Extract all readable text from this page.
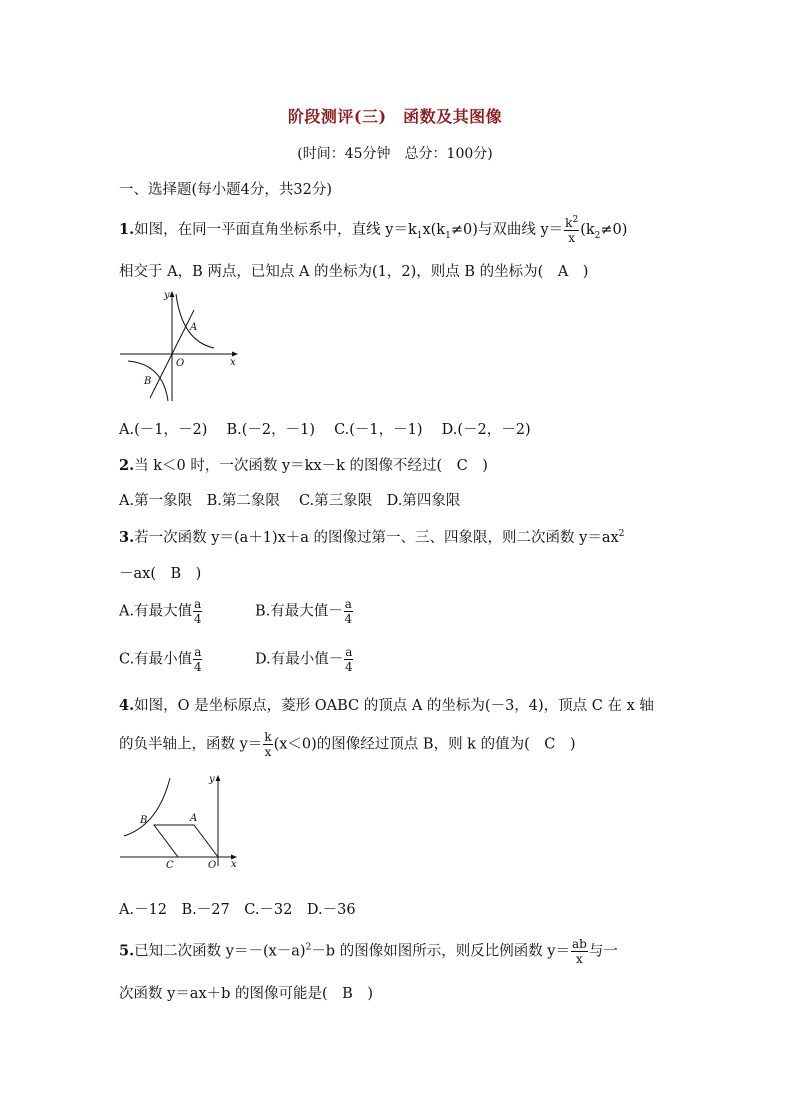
阶段测评(三)　函数及其图像
(时间：45分钟　总分：100分)
一、选择题(每小题4分，共32分)
1.如图，在同一平面直角坐标系中，直线 $y=k_1x(k_1\ne 0)$与双曲线 $y= \frac{k^2}{x} (k_2\ne 0)$
相交于 A，B 两点，已知点 A 的坐标为(1，2)，则点 B 的坐标为(　A　)
y
x
O
A
B
A.(－1，－2)　 B.(－2，－1)　 C.(－1，－1)　 D.(－2，－2)
2.当 k＜0 时，一次函数 y＝kx－k 的图像不经过(　C　)
A.第一象限　B.第二象限　 C.第三象限　D.第四象限
3.若一次函数 y＝(a＋1)x＋a 的图像过第一、三、四象限，则二次函数 $y=ax^2$
－ax(　B　)
A.有最大值 $\frac{a}{4}$	B.有最大值－ $\frac{a}{4}$
C.有最小值 $\frac{a}{4}$	D.有最小值－ $\frac{a}{4}$
4.如图，O 是坐标原点，菱形 OABC 的顶点 A 的坐标为(－3，4)，顶点 C 在 x 轴
的负半轴上，函数 $y= \frac{k}{x} (x<0)$的图像经过顶点 B，则 k 的值为(　C　)
y
x
O
A
B
C
A.－12　B.－27　C.－32　D.－36
5.已知二次函数 $y=-(x-a)^2-b$ 的图像如图所示，则反比例函数 $y= \frac{ab}{x}$ 与一
次函数 y＝ax＋b 的图像可能是(　B　)
